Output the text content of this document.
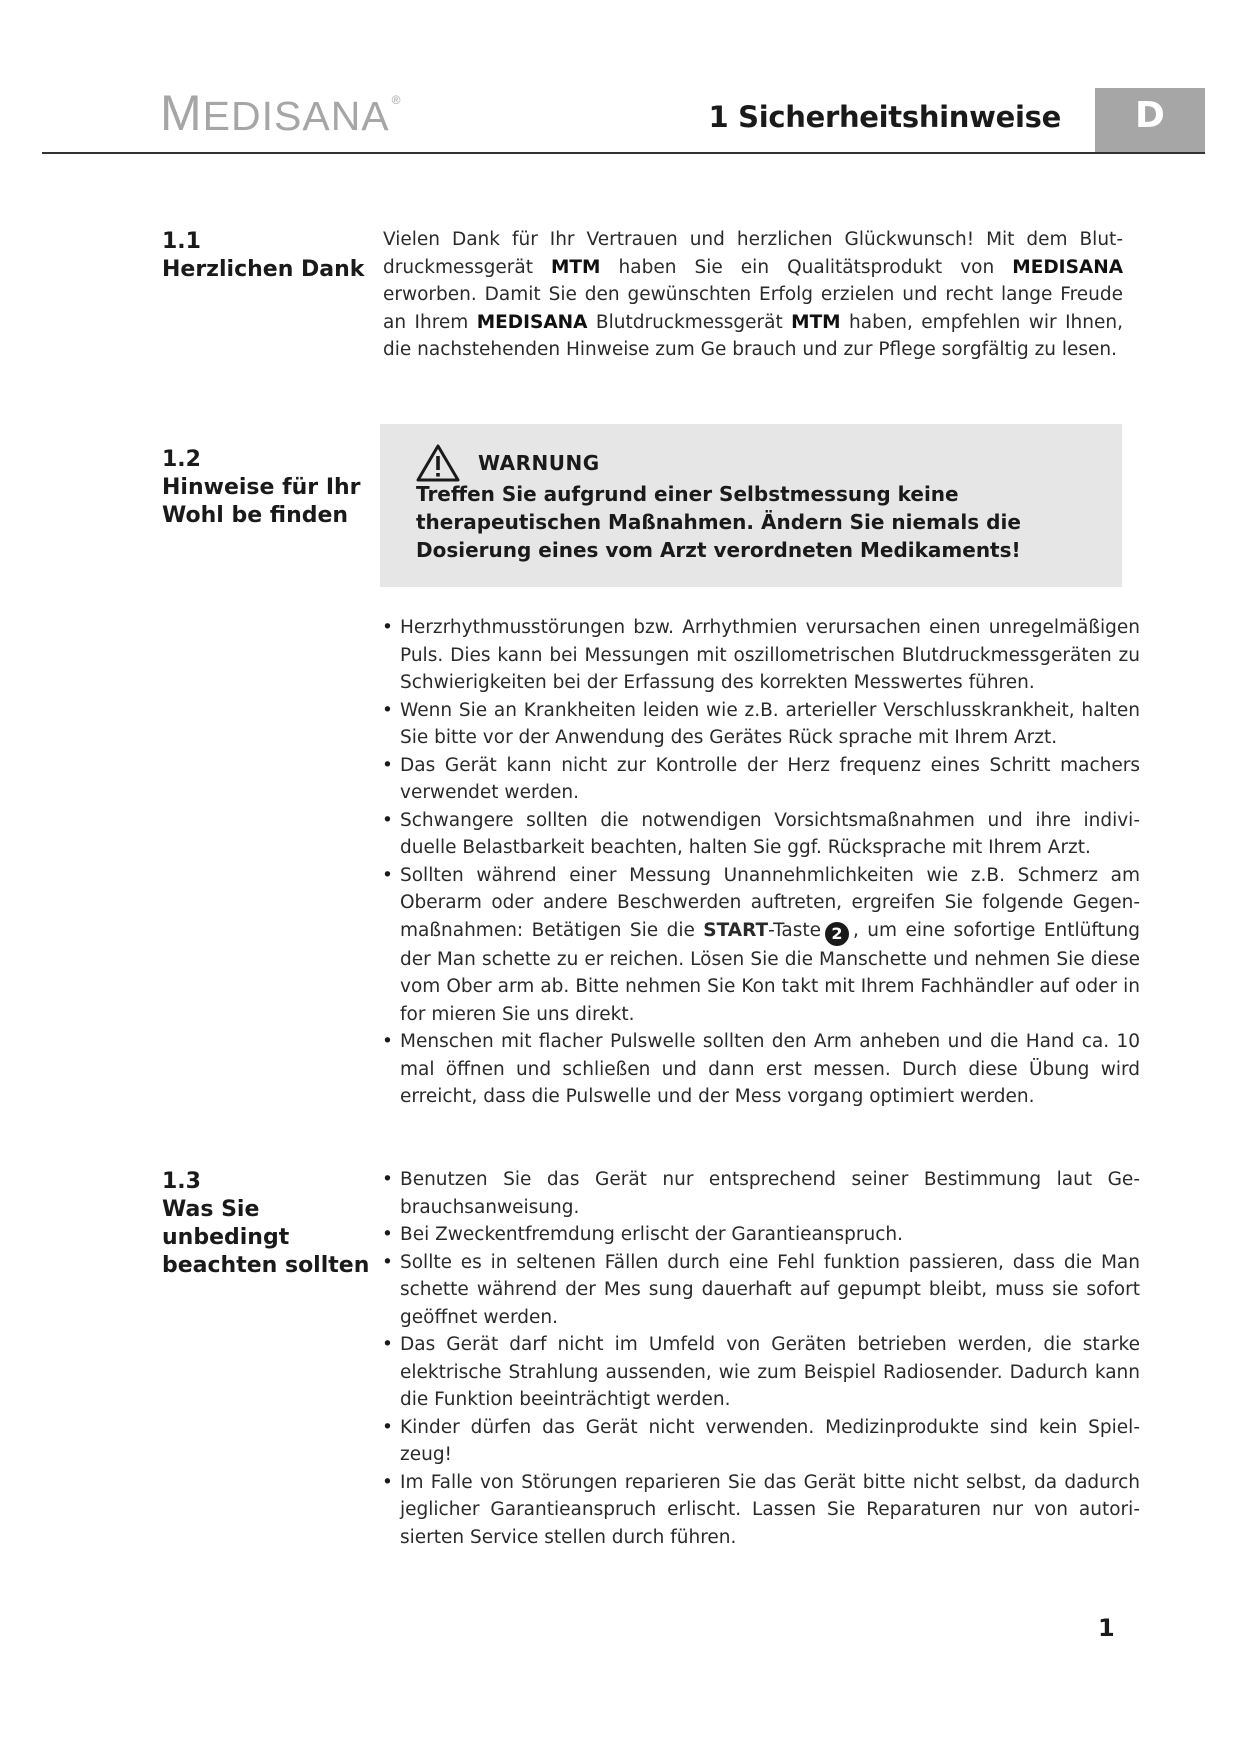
MEDISANA ®	1 Sicherheitshinweise	D
1.1
Herzlichen Dank
Vielen Dank für Ihr Vertrauen und herzlichen Glückwunsch! Mit dem Blutdruckmessgerät MTM haben Sie ein Qualitätsprodukt von MEDISANA erworben. Damit Sie den gewünschten Erfolg erzielen und recht lange Freude an Ihrem MEDISANA Blutdruckmessgerät MTM haben, empfehlen wir Ihnen, die nachstehenden Hinweise zum Ge brauch und zur Pflege sorgfältig zu lesen.
1.2
Hinweise für Ihr
Wohl be finden
WARNUNG
Treffen Sie aufgrund einer Selbstmessung keine therapeutischen Maßnahmen. Ändern Sie niemals die Dosierung eines vom Arzt verordneten Medikaments!
• Herzrhythmusstörungen bzw. Arrhythmien verursachen einen unregelmäßigen Puls. Dies kann bei Messungen mit oszillometrischen Blutdruckmessgeräten zu Schwierigkeiten bei der Erfassung des korrekten Messwertes führen.
• Wenn Sie an Krankheiten leiden wie z.B. arterieller Verschlusskrankheit, halten Sie bitte vor der Anwendung des Gerätes Rück sprache mit Ihrem Arzt.
• Das Gerät kann nicht zur Kontrolle der Herz frequenz eines Schritt machers verwendet werden.
• Schwangere sollten die notwendigen Vorsichtsmaßnahmen und ihre individuelle Belastbarkeit beachten, halten Sie ggf. Rücksprache mit Ihrem Arzt.
• Sollten während einer Messung Unannehmlichkeiten wie z.B. Schmerz am Oberarm oder andere Beschwerden auftreten, ergreifen Sie folgende Gegenmaßnahmen: Betätigen Sie die START-Taste 2 , um eine sofortige Entlüftung der Man schette zu er reichen. Lösen Sie die Manschette und nehmen Sie diese vom Ober arm ab. Bitte nehmen Sie Kon takt mit Ihrem Fachhändler auf oder in for mieren Sie uns direkt.
• Menschen mit flacher Pulswelle sollten den Arm anheben und die Hand ca. 10 mal öffnen und schließen und dann erst messen. Durch diese Übung wird erreicht, dass die Pulswelle und der Mess vorgang optimiert werden.
1.3
Was Sie unbedingt
beachten sollten
• Benutzen Sie das Gerät nur entsprechend seiner Bestimmung laut Gebrauchsanweisung.
• Bei Zweckentfremdung erlischt der Garantieanspruch.
• Sollte es in seltenen Fällen durch eine Fehl funktion passieren, dass die Man schette während der Mes sung dauerhaft auf gepumpt bleibt, muss sie sofort geöffnet werden.
• Das Gerät darf nicht im Umfeld von Geräten betrieben werden, die starke elektrische Strahlung aussenden, wie zum Beispiel Radiosender. Dadurch kann die Funktion beeinträchtigt werden.
• Kinder dürfen das Gerät nicht verwenden. Medizinprodukte sind kein Spielzeug!
• Im Falle von Störungen reparieren Sie das Gerät bitte nicht selbst, da dadurch jeglicher Garantieanspruch erlischt. Lassen Sie Reparaturen nur von autorisierten Service stellen durch führen.
1
